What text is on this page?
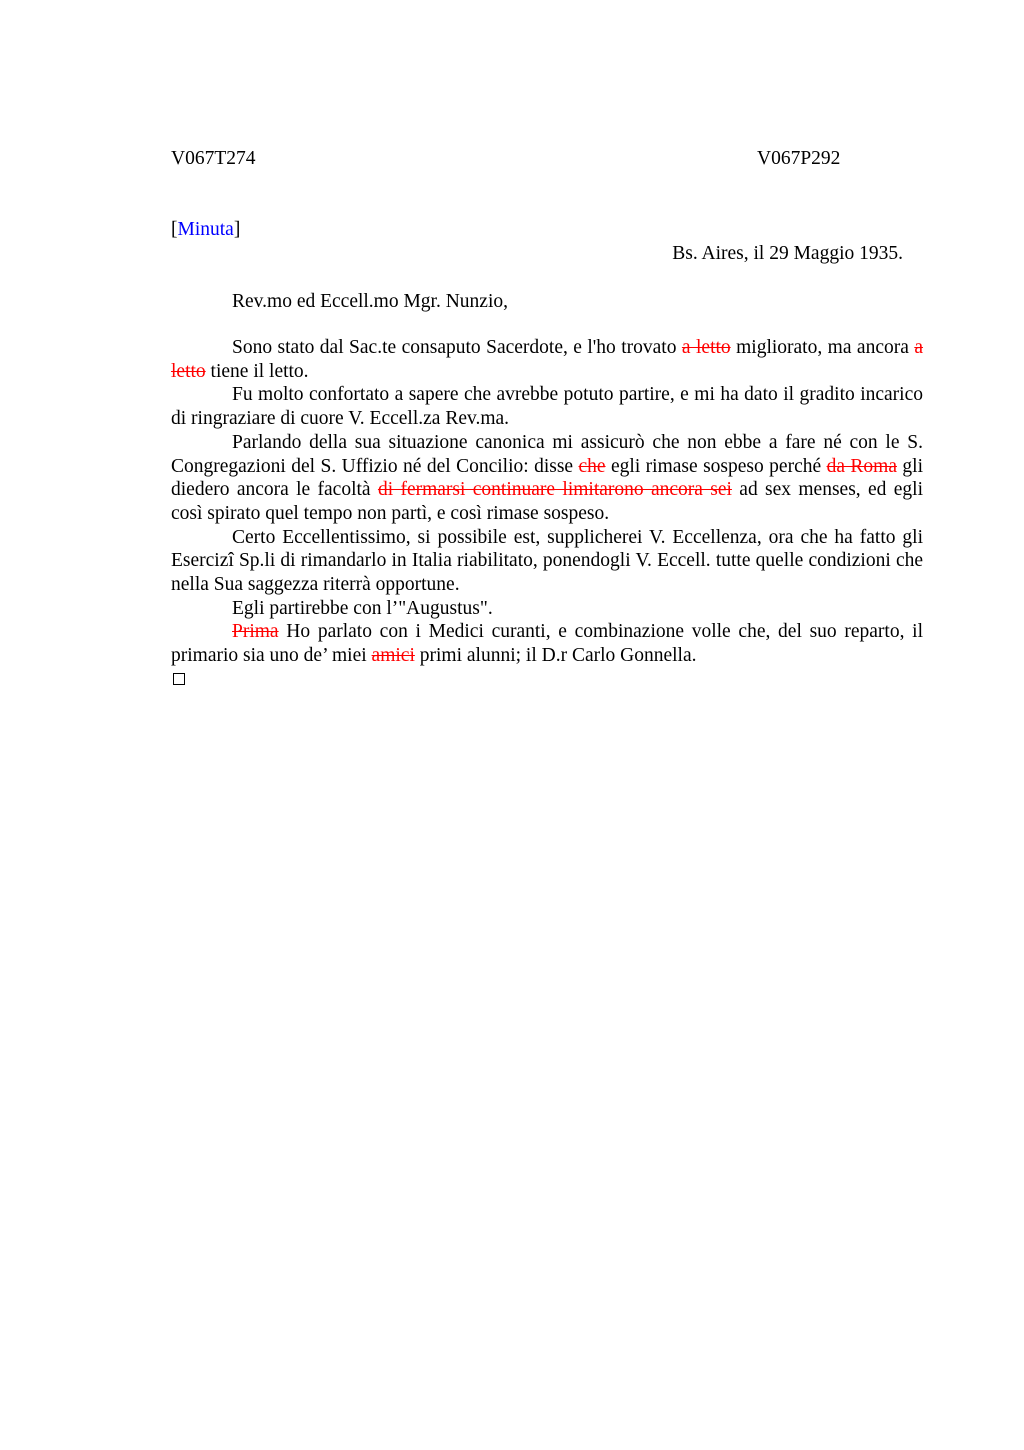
V067T274	V067P292
[Minuta]
Bs. Aires, il 29 Maggio 1935.
Rev.mo ed Eccell.mo Mgr. Nunzio,

Sono stato dal Sac.te consaputo Sacerdote, e l'ho trovato a letto migliorato, ma ancora a letto tiene il letto.

Fu molto confortato a sapere che avrebbe potuto partire, e mi ha dato il gradito incarico di ringraziare di cuore V. Eccell.za Rev.ma.

Parlando della sua situazione canonica mi assicurò che non ebbe a fare né con le S. Congregazioni del S. Uffizio né del Concilio: disse che egli rimase sospeso perché da Roma gli diedero ancora le facoltà di fermarsi continuare limitarono ancora sei ad sex menses, ed egli così spirato quel tempo non partì, e così rimase sospeso.

Certo Eccellentissimo, si possibile est, supplicherei V. Eccellenza, ora che ha fatto gli Esercizi Sp.li di rimandarlo in Italia riabilitato, ponendogli V. Eccell. tutte quelle condizioni che nella Sua saggezza riterrà opportune.

Egli partirebbe con l’"Augustus".

Prima Ho parlato con i Medici curanti, e combinazione volle che, del suo reparto, il primario sia uno de’ miei amici primi alunni; il D.r Carlo Gonnella.
